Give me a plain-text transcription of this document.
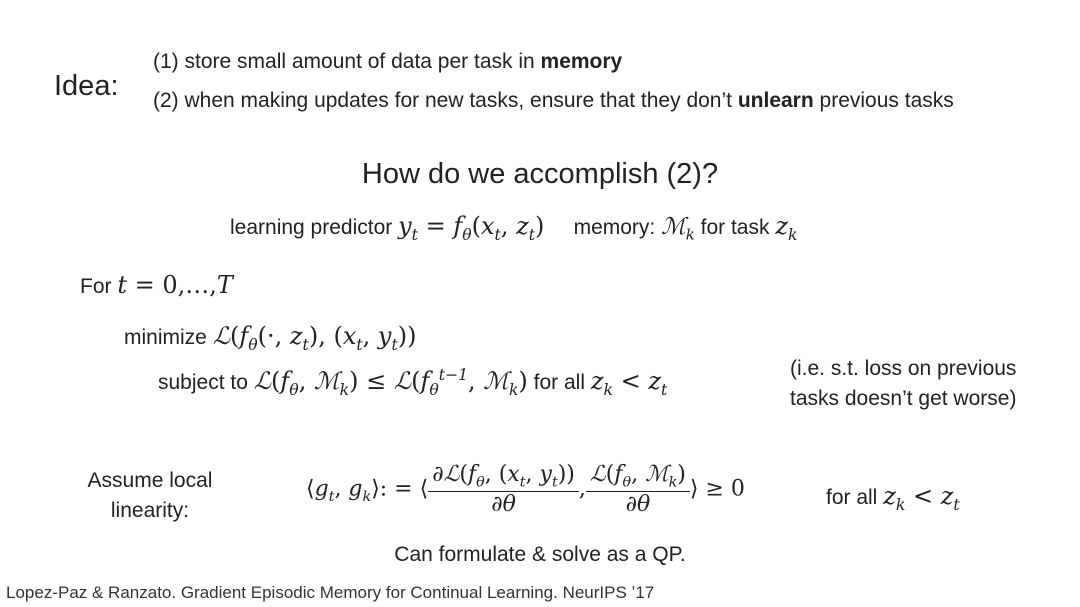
Idea:
(1) store small amount of data per task in memory
(2) when making updates for new tasks, ensure that they don’t unlearn previous tasks
How do we accomplish (2)?
learning predictor $y_t = f_\theta(x_t$, $z_t$) memory: ℳ$_k$ for task $z_k$
For t = 0,…,T
minimize $ℒ(f_\theta(\cdot$, $z_t$), ($x_t$, $y_t$))
subject to $ℒ(f_\theta$, ℳ$_k$) ≤ $ℒ(f_\theta^{t-1}$, ℳ$_k$) for all $z_k < z_t$
(i.e. s.t. loss on previous
tasks doesn’t get worse)
Assume local
linearity:
$⟨g_t$, $g_k⟩$: = ⟨ $\frac{\partial ℒ(f_\theta, (x_t, y_t))}{\partial\theta}$ , $\frac{ℒ(f_\theta, ℳ_k)}{\partial\theta}$ ⟩ ≥ 0	for all $z_k < z_t$
Can formulate & solve as a QP.
Lopez-Paz & Ranzato. Gradient Episodic Memory for Continual Learning. NeurIPS ’17
